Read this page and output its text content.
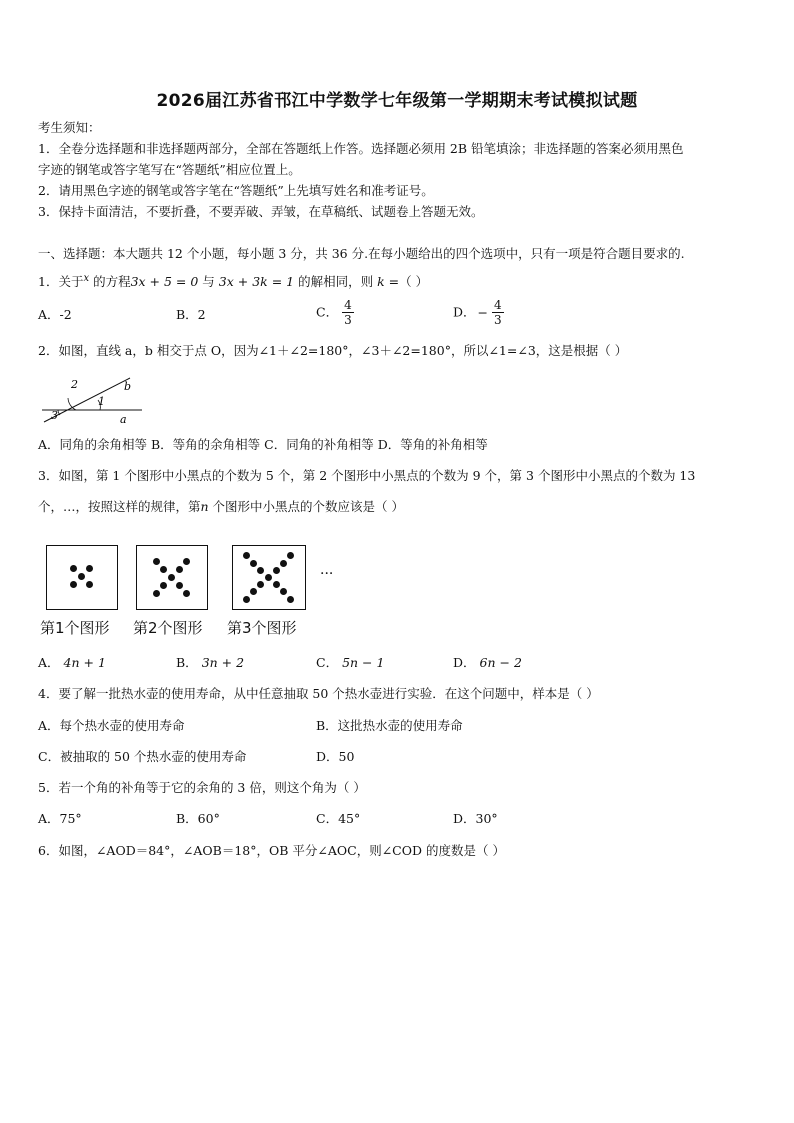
2026届江苏省邗江中学数学七年级第一学期期末考试模拟试题
考生须知：
1．全卷分选择题和非选择题两部分，全部在答题纸上作答。选择题必须用 2B 铅笔填涂；非选择题的答案必须用黑色
字迹的钢笔或答字笔写在“答题纸”相应位置上。
2．请用黑色字迹的钢笔或答字笔在“答题纸”上先填写姓名和准考证号。
3．保持卡面清洁，不要折叠，不要弄破、弄皱，在草稿纸、试题卷上答题无效。
一、选择题：本大题共 12 个小题，每小题 3 分，共 36 分.在每小题给出的四个选项中，只有一项是符合题目要求的.
1．关于$^x$ 的方程3x + 5 = 0 与 3x + 3k = 1 的解相同，则 k =（ ）
A．-2	B．2	C． $\frac{4}{3}$	D． − $\frac{4}{3}$
2．如图，直线 a，b 相交于点 O，因为∠1＋∠2=180°，∠3＋∠2=180°，所以∠1=∠3，这是根据（ ）
2
1
3
b
a
A．同角的余角相等 B．等角的余角相等 C．同角的补角相等 D．等角的补角相等
3．如图，第 1 个图形中小黑点的个数为 5 个，第 2 个图形中小黑点的个数为 9 个，第 3 个图形中小黑点的个数为 13
个，…，按照这样的规律，第n 个图形中小黑点的个数应该是（ ）
···
第1个图形 第2个图形 第3个图形
A． 4n + 1	B． 3n + 2	C． 5n − 1	D． 6n − 2
4．要了解一批热水壶的使用寿命，从中任意抽取 50 个热水壶进行实验．在这个问题中，样本是（ ）
A．每个热水壶的使用寿命	B．这批热水壶的使用寿命
C．被抽取的 50 个热水壶的使用寿命	D．50
5．若一个角的补角等于它的余角的 3 倍，则这个角为（ ）
A．75°	B．60°	C．45°	D．30°
6．如图，∠AOD＝84°，∠AOB＝18°，OB 平分∠AOC，则∠COD 的度数是（ ）
